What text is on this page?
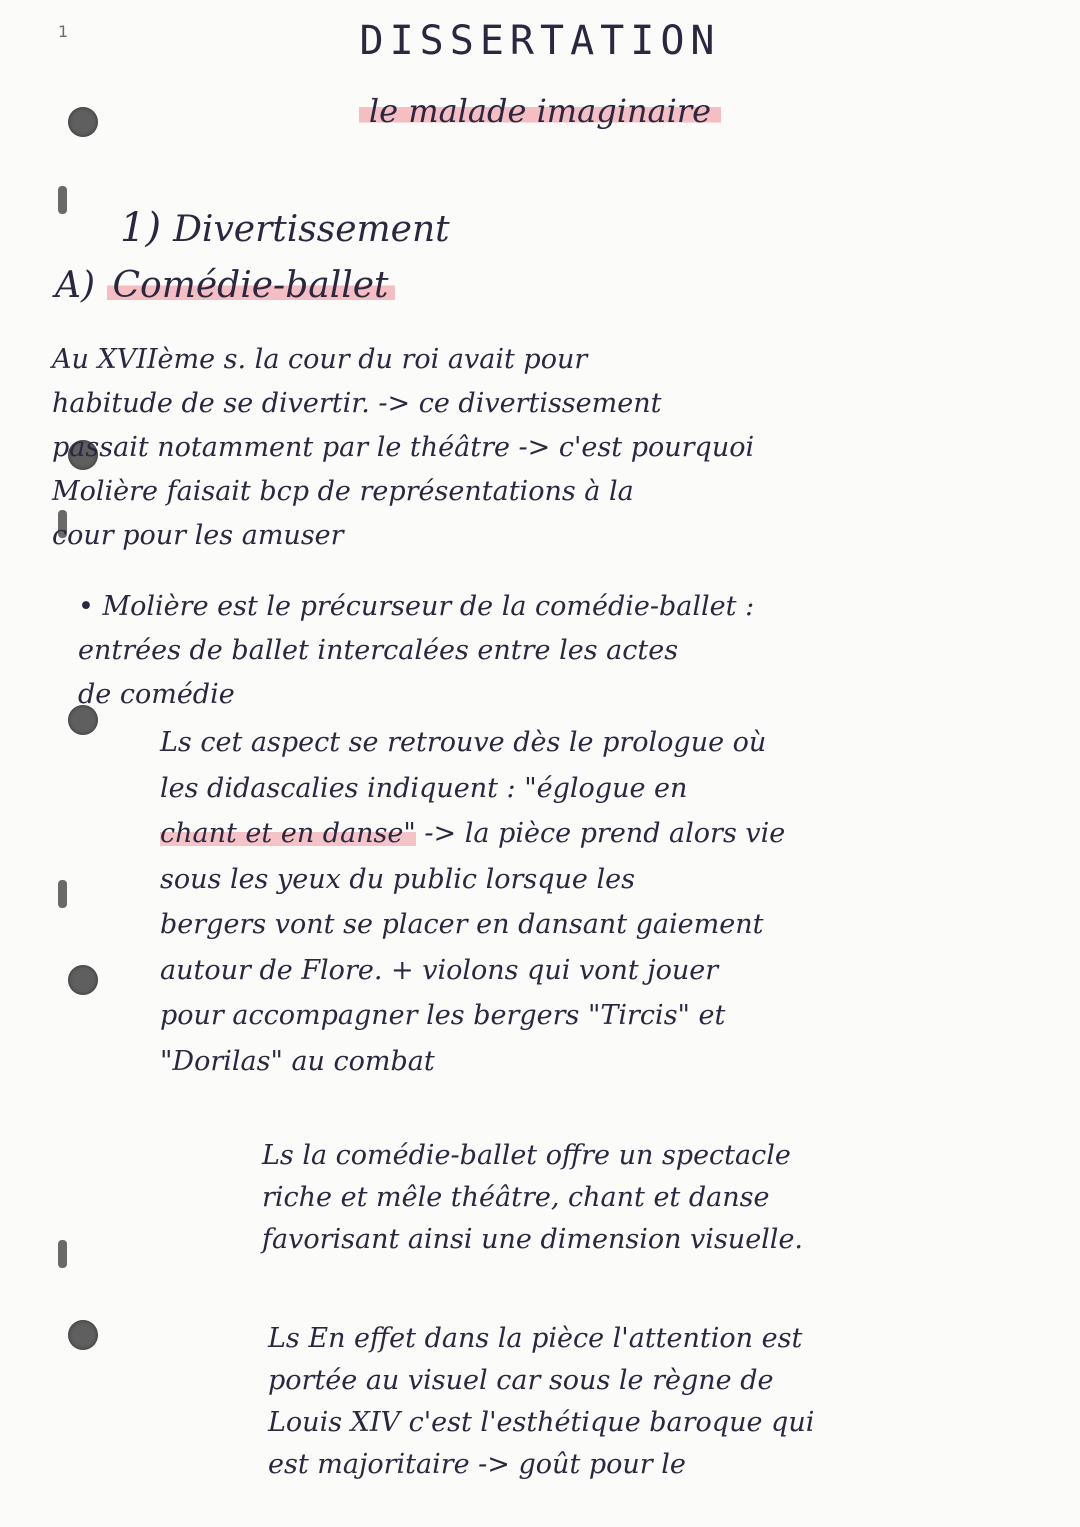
1	DISSERTATION
le malade imaginaire
1) Divertissement
A) Comédie-ballet
Au XVIIème s. la cour du roi avait pour
habitude de se divertir. -> ce divertissement
passait notamment par le théâtre -> c'est pourquoi
Molière faisait bcp de représentations à la
cour pour les amuser
• Molière est le précurseur de la comédie-ballet :
entrées de ballet intercalées entre les actes
de comédie
Ls cet aspect se retrouve dès le prologue où
les didascalies indiquent : "églogue en
chant et en danse" -> la pièce prend alors vie
sous les yeux du public lorsque les
bergers vont se placer en dansant gaiement
autour de Flore. + violons qui vont jouer
pour accompagner les bergers "Tircis" et
"Dorilas" au combat
Ls la comédie-ballet offre un spectacle
riche et mêle théâtre, chant et danse
favorisant ainsi une dimension visuelle.
Ls En effet dans la pièce l'attention est
portée au visuel car sous le règne de
Louis XIV c'est l'esthétique baroque qui
est majoritaire -> goût pour le
